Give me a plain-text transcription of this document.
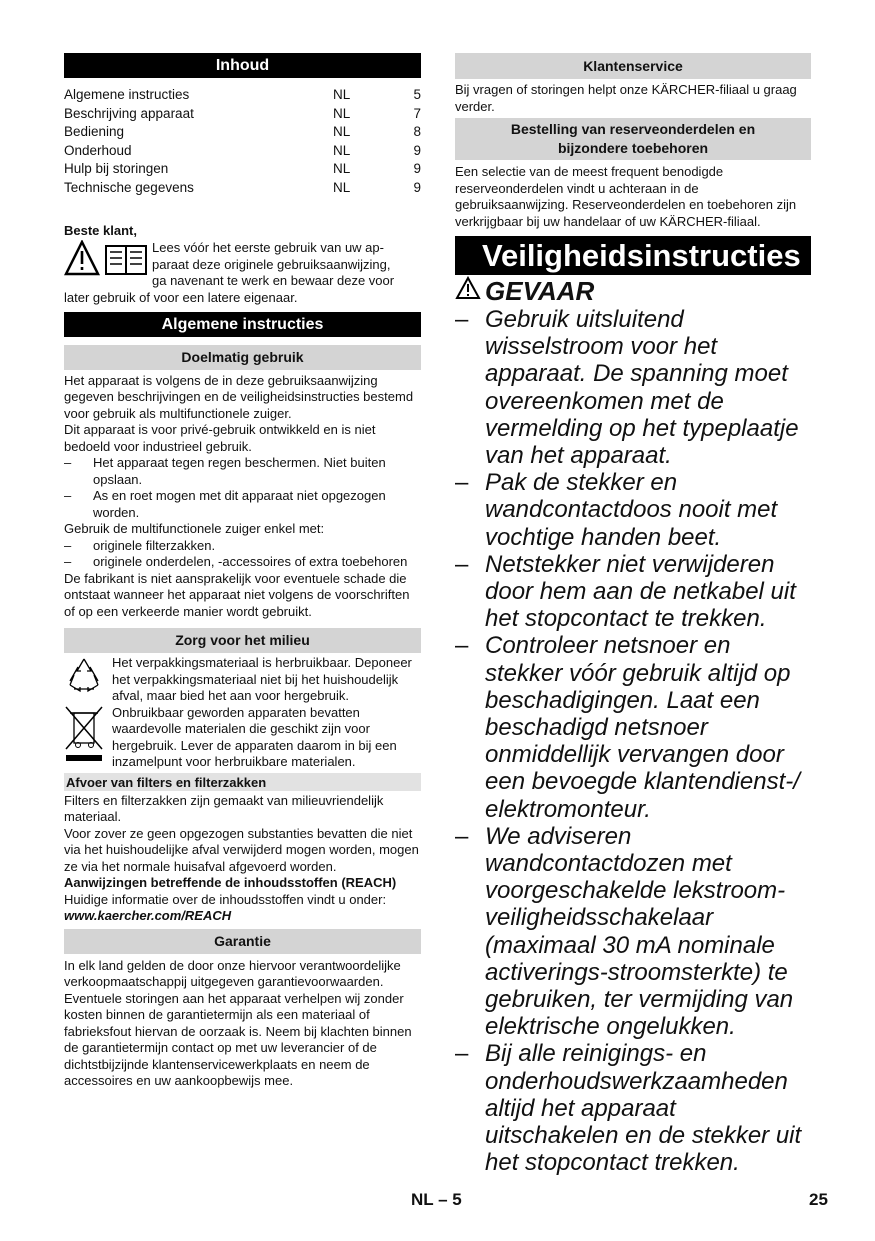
Inhoud
Algemene instructies	NL	5
Beschrijving apparaat	NL	7
Bediening	NL	8
Onderhoud	NL	9
Hulp bij storingen	NL	9
Technische gegevens	NL	9
Beste klant,
Lees vóór het eerste gebruik van uw ap-
paraat deze originele gebruiksaanwijzing,
ga navenant te werk en bewaar deze voor
later gebruik of voor een latere eigenaar.
Algemene instructies
Doelmatig gebruik
Het apparaat is volgens de in deze gebruiksaanwijzing gegeven beschrijvingen en de veiligheidsinstructies bestemd voor gebruik als multifunctionele zuiger.
Dit apparaat is voor privé-gebruik ontwikkeld en is niet bedoeld voor industrieel gebruik.
–	Het apparaat tegen regen beschermen. Niet buiten opslaan.
–	As en roet mogen met dit apparaat niet opgezogen worden.
Gebruik de multifunctionele zuiger enkel met:
–	originele filterzakken.
–	originele onderdelen, -accessoires of extra toebehoren
De fabrikant is niet aansprakelijk voor eventuele schade die ontstaat wanneer het apparaat niet volgens de voorschriften of op een verkeerde manier wordt gebruikt.
Zorg voor het milieu
Het verpakkingsmateriaal is herbruikbaar. Deponeer het verpakkingsmateriaal niet bij het huishoudelijk afval, maar bied het aan voor hergebruik.
Onbruikbaar geworden apparaten bevatten waardevolle materialen die geschikt zijn voor hergebruik. Lever de apparaten daarom in bij een inzamelpunt voor herbruikbare materialen.
Afvoer van filters en filterzakken
Filters en filterzakken zijn gemaakt van milieuvriendelijk materiaal.
Voor zover ze geen opgezogen substanties bevatten die niet via het huishoudelijke afval verwijderd mogen worden, mogen ze via het normale huisafval afgevoerd worden.
Aanwijzingen betreffende de inhoudsstoffen (REACH)
Huidige informatie over de inhoudsstoffen vindt u onder:
www.kaercher.com/REACH
Garantie
In elk land gelden de door onze hiervoor verantwoordelijke verkoopmaatschappij uitgegeven garantievoorwaarden. Eventuele storingen aan het apparaat verhelpen wij zonder kosten binnen de garantietermijn als een materiaal of fabrieksfout hiervan de oorzaak is. Neem bij klachten binnen de garantietermijn contact op met uw leverancier of de dichtstbijzijnde klantenservicewerkplaats en neem de accessoires en uw aankoopbewijs mee.
Klantenservice
Bij vragen of storingen helpt onze KÄRCHER-filiaal u graag verder.
Bestelling van reserveonderdelen en bijzondere toebehoren
Een selectie van de meest frequent benodigde reserveonderdelen vindt u achteraan in de gebruiksaanwijzing. Reserveonderdelen en toebehoren zijn verkrijgbaar bij uw handelaar of uw KÄRCHER-filiaal.
Veiligheidsinstructies
GEVAAR
– Gebruik uitsluitend wisselstroom voor het apparaat. De spanning moet overeenkomen met de vermelding op het typeplaatje van het apparaat.
– Pak de stekker en wandcontactdoos nooit met vochtige handen beet.
– Netstekker niet verwijderen door hem aan de netkabel uit het stopcontact te trekken.
– Controleer netsnoer en stekker vóór gebruik altijd op beschadigingen. Laat een beschadigd netsnoer onmiddellijk vervangen door een bevoegde klantendienst-/ elektromonteur.
– We adviseren wandcontactdozen met voorgeschakelde lekstroom-veiligheidsschakelaar (maximaal 30 mA nominale activerings-stroomsterkte) te gebruiken, ter vermijding van elektrische ongelukken.
– Bij alle reinigings- en onderhoudswerkzaamheden altijd het apparaat uitschakelen en de stekker uit het stopcontact trekken.
NL – 5	25
